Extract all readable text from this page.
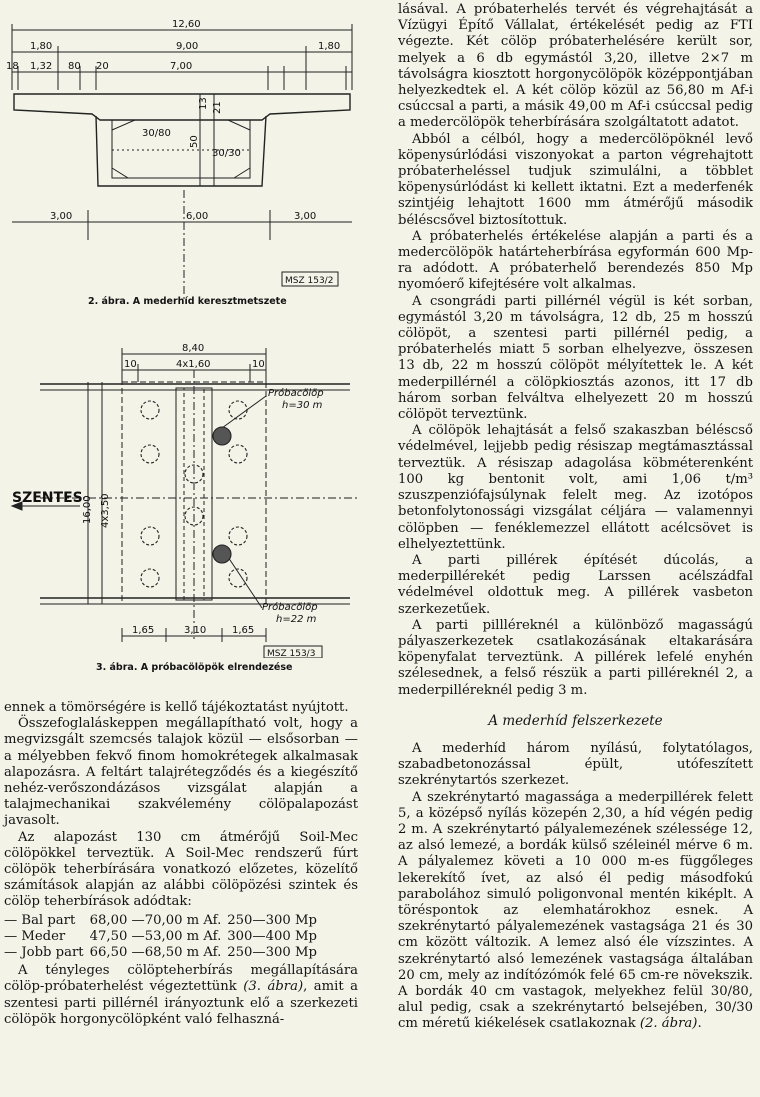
12,60
1,80	9,00	1,80
18 1,32 80 20	7,00
30/80
30/30
13
50
21
3,00	6,00	3,00
MSZ 153/2
2. ábra. A mederhíd keresztmetszete
8,40
10	4x1,60	10
4x3,50
16,00
Próbacölöp
h=30 m
Próbacölöp
h=22 m
1,65	3,10	1,65
MSZ 153/3
SZENTES
3. ábra. A próbacölöpök elrendezése

ennek a tömörségére is kellő tájékoztatást nyújtott.

Összefoglaláskeppen megállapítható volt, hogy a megvizsgált szemcsés talajok közül — elsősorban — a mélyebben fekvő finom homokrétegek alkalmasak alapozásra. A feltárt talajrétegződés és a kiegészítő nehéz-verőszondázásos vizsgálat alapján a talajmechanikai szakvélemény cölöpalapozást javasolt.

Az alapozást 130 cm átmérőjű Soil-Mec cölöpökkel terveztük. A Soil-Mec rendszerű fúrt cölöpök teherbírására vonatkozó előzetes, közelítő számítások alapján az alábbi cölöpözési szintek és cölöp teherbírások adódtak:

— Bal part	68,00 —70,00 m Af.	250—300 Mp
— Meder	47,50 —53,00 m Af.	300—400 Mp
— Jobb part	66,50 —68,50 m Af.	250—300 Mp

A tényleges cölöpteherbírás megállapítására cölöp-próbaterhelést végeztettünk (3. ábra), amit a szentesi parti pillérnél irányoztunk elő a szerkezeti cölöpök horgonycölöpként való felhaszná-

lásával. A próbaterhelés tervét és végrehajtását a Vízügyi Építő Vállalat, értékelését pedig az FTI végezte. Két cölöp próbaterhelésére került sor, melyek a 6 db egymástól 3,20, illetve 2×7 m távolságra kiosztott horgonycölöpök középpontjában helyezkedtek el. A két cölöp közül az 56,80 m Af-i csúccsal a parti, a másik 49,00 m Af-i csúccsal pedig a medercölöpök teherbírására szolgáltatott adatot.

Abból a célból, hogy a medercölöpöknél levő köpenysúrlódási viszonyokat a parton végrehajtott próbaterheléssel tudjuk szimulálni, a többlet köpenysúrlódást ki kellett iktatni. Ezt a mederfenék szintjéig lehajtott 1600 mm átmérőjű második béléscsővel biztosítottuk.

A próbaterhelés értékelése alapján a parti és a medercölöpök határteherbírása egyformán 600 Mp-ra adódott. A próbaterhelő berendezés 850 Mp nyomóerő kifejtésére volt alkalmas.

A csongrádi parti pillérnél végül is két sorban, egymástól 3,20 m távolságra, 12 db, 25 m hosszú cölöpöt, a szentesi parti pillérnél pedig, a próbaterhelés miatt 5 sorban elhelyezve, összesen 13 db, 22 m hosszú cölöpöt mélyítettek le. A két mederpillérnél a cölöpkiosztás azonos, itt 17 db három sorban felváltva elhelyezett 20 m hosszú cölöpöt terveztünk.

A cölöpök lehajtását a felső szakaszban béléscső védelmével, lejjebb pedig résiszap megtámasztással terveztük. A résiszap adagolása köbméterenként 100 kg bentonit volt, ami 1,06 t/m³ szuszpenziófajsúlynak felelt meg. Az izotópos betonfolytonossági vizsgálat céljára — valamennyi cölöpben — fenéklemezzel ellátott acélcsövet is elhelyeztettünk.

A parti pillérek építését dúcolás, a mederpillérekét pedig Larssen acélszádfal védelmével oldottuk meg. A pillérek vasbeton szerkezetűek.

A parti pillléreknél a különböző magasságú pályaszerkezetek csatlakozásának eltakarására köpenyfalat terveztünk. A pillérek lefelé enyhén szélesednek, a felső részük a parti pilléreknél 2, a mederpilléreknél pedig 3 m.

A mederhíd felszerkezete

A mederhíd három nyílású, folytatólagos, szabadbetonozással épült, utófeszített szekrénytartós szerkezet.

A szekrénytartó magassága a mederpillérek felett 5, a középső nyílás közepén 2,30, a híd végén pedig 2 m. A szekrénytartó pályalemezének szélessége 12, az alsó lemezé, a bordák külső széleinél mérve 6 m. A pályalemez követi a 10 000 m-es függőleges lekerekítő ívet, az alsó él pedig másodfokú parabolához simuló poligonvonal mentén kiképlt. A töréspontok az elemhatárokhoz esnek. A szekrénytartó pályalemezének vastagsága 21 és 30 cm között változik. A lemez alsó éle vízszintes. A szekrénytartó alsó lemezének vastagsága általában 20 cm, mely az indítózómók felé 65 cm-re növekszik. A bordák 40 cm vastagok, melyekhez felül 30/80, alul pedig, csak a szekrénytartó belsejében, 30/30 cm méretű kiékelések csatlakoznak (2. ábra).
